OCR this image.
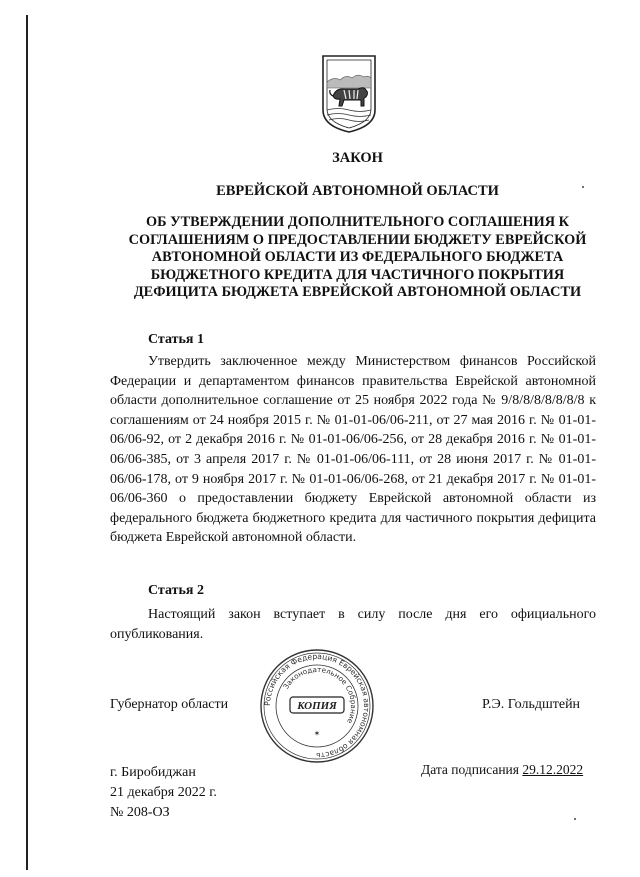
ЗАКОН
ЕВРЕЙСКОЙ АВТОНОМНОЙ ОБЛАСТИ
ОБ УТВЕРЖДЕНИИ ДОПОЛНИТЕЛЬНОГО СОГЛАШЕНИЯ К
СОГЛАШЕНИЯМ О ПРЕДОСТАВЛЕНИИ БЮДЖЕТУ ЕВРЕЙСКОЙ
АВТОНОМНОЙ ОБЛАСТИ ИЗ ФЕДЕРАЛЬНОГО БЮДЖЕТА
БЮДЖЕТНОГО КРЕДИТА ДЛЯ ЧАСТИЧНОГО ПОКРЫТИЯ
ДЕФИЦИТА БЮДЖЕТА ЕВРЕЙСКОЙ АВТОНОМНОЙ ОБЛАСТИ
Статья 1
Утвердить заключенное между Министерством финансов Российской Федерации и департаментом финансов правительства Еврейской автономной области дополнительное соглашение от 25 ноября 2022 года № 9/8/8/8/8/8/8/8 к соглашениям от 24 ноября 2015 г. № 01-01-06/06-211, от 27 мая 2016 г. № 01-01-06/06-92, от 2 декабря 2016 г. № 01-01-06/06-256, от 28 декабря 2016 г. № 01-01-06/06-385, от 3 апреля 2017 г. № 01-01-06/06-111, от 28 июня 2017 г. № 01-01-06/06-178, от 9 ноября 2017 г. № 01-01-06/06-268, от 21 декабря 2017 г. № 01-01-06/06-360 о предоставлении бюджету Еврейской автономной области из федерального бюджета бюджетного кредита для частичного покрытия дефицита бюджета Еврейской автономной области.
Статья 2
Настоящий закон вступает в силу после дня его официального опубликования.
Губернатор области	Российская Федерация Еврейская автономная область
Законодательное Собрание
КОПИЯ
✶
Р.Э. Гольдштейн
Дата подписания 29.12.2022
г. Биробиджан
21 декабря 2022 г.
№ 208-ОЗ
